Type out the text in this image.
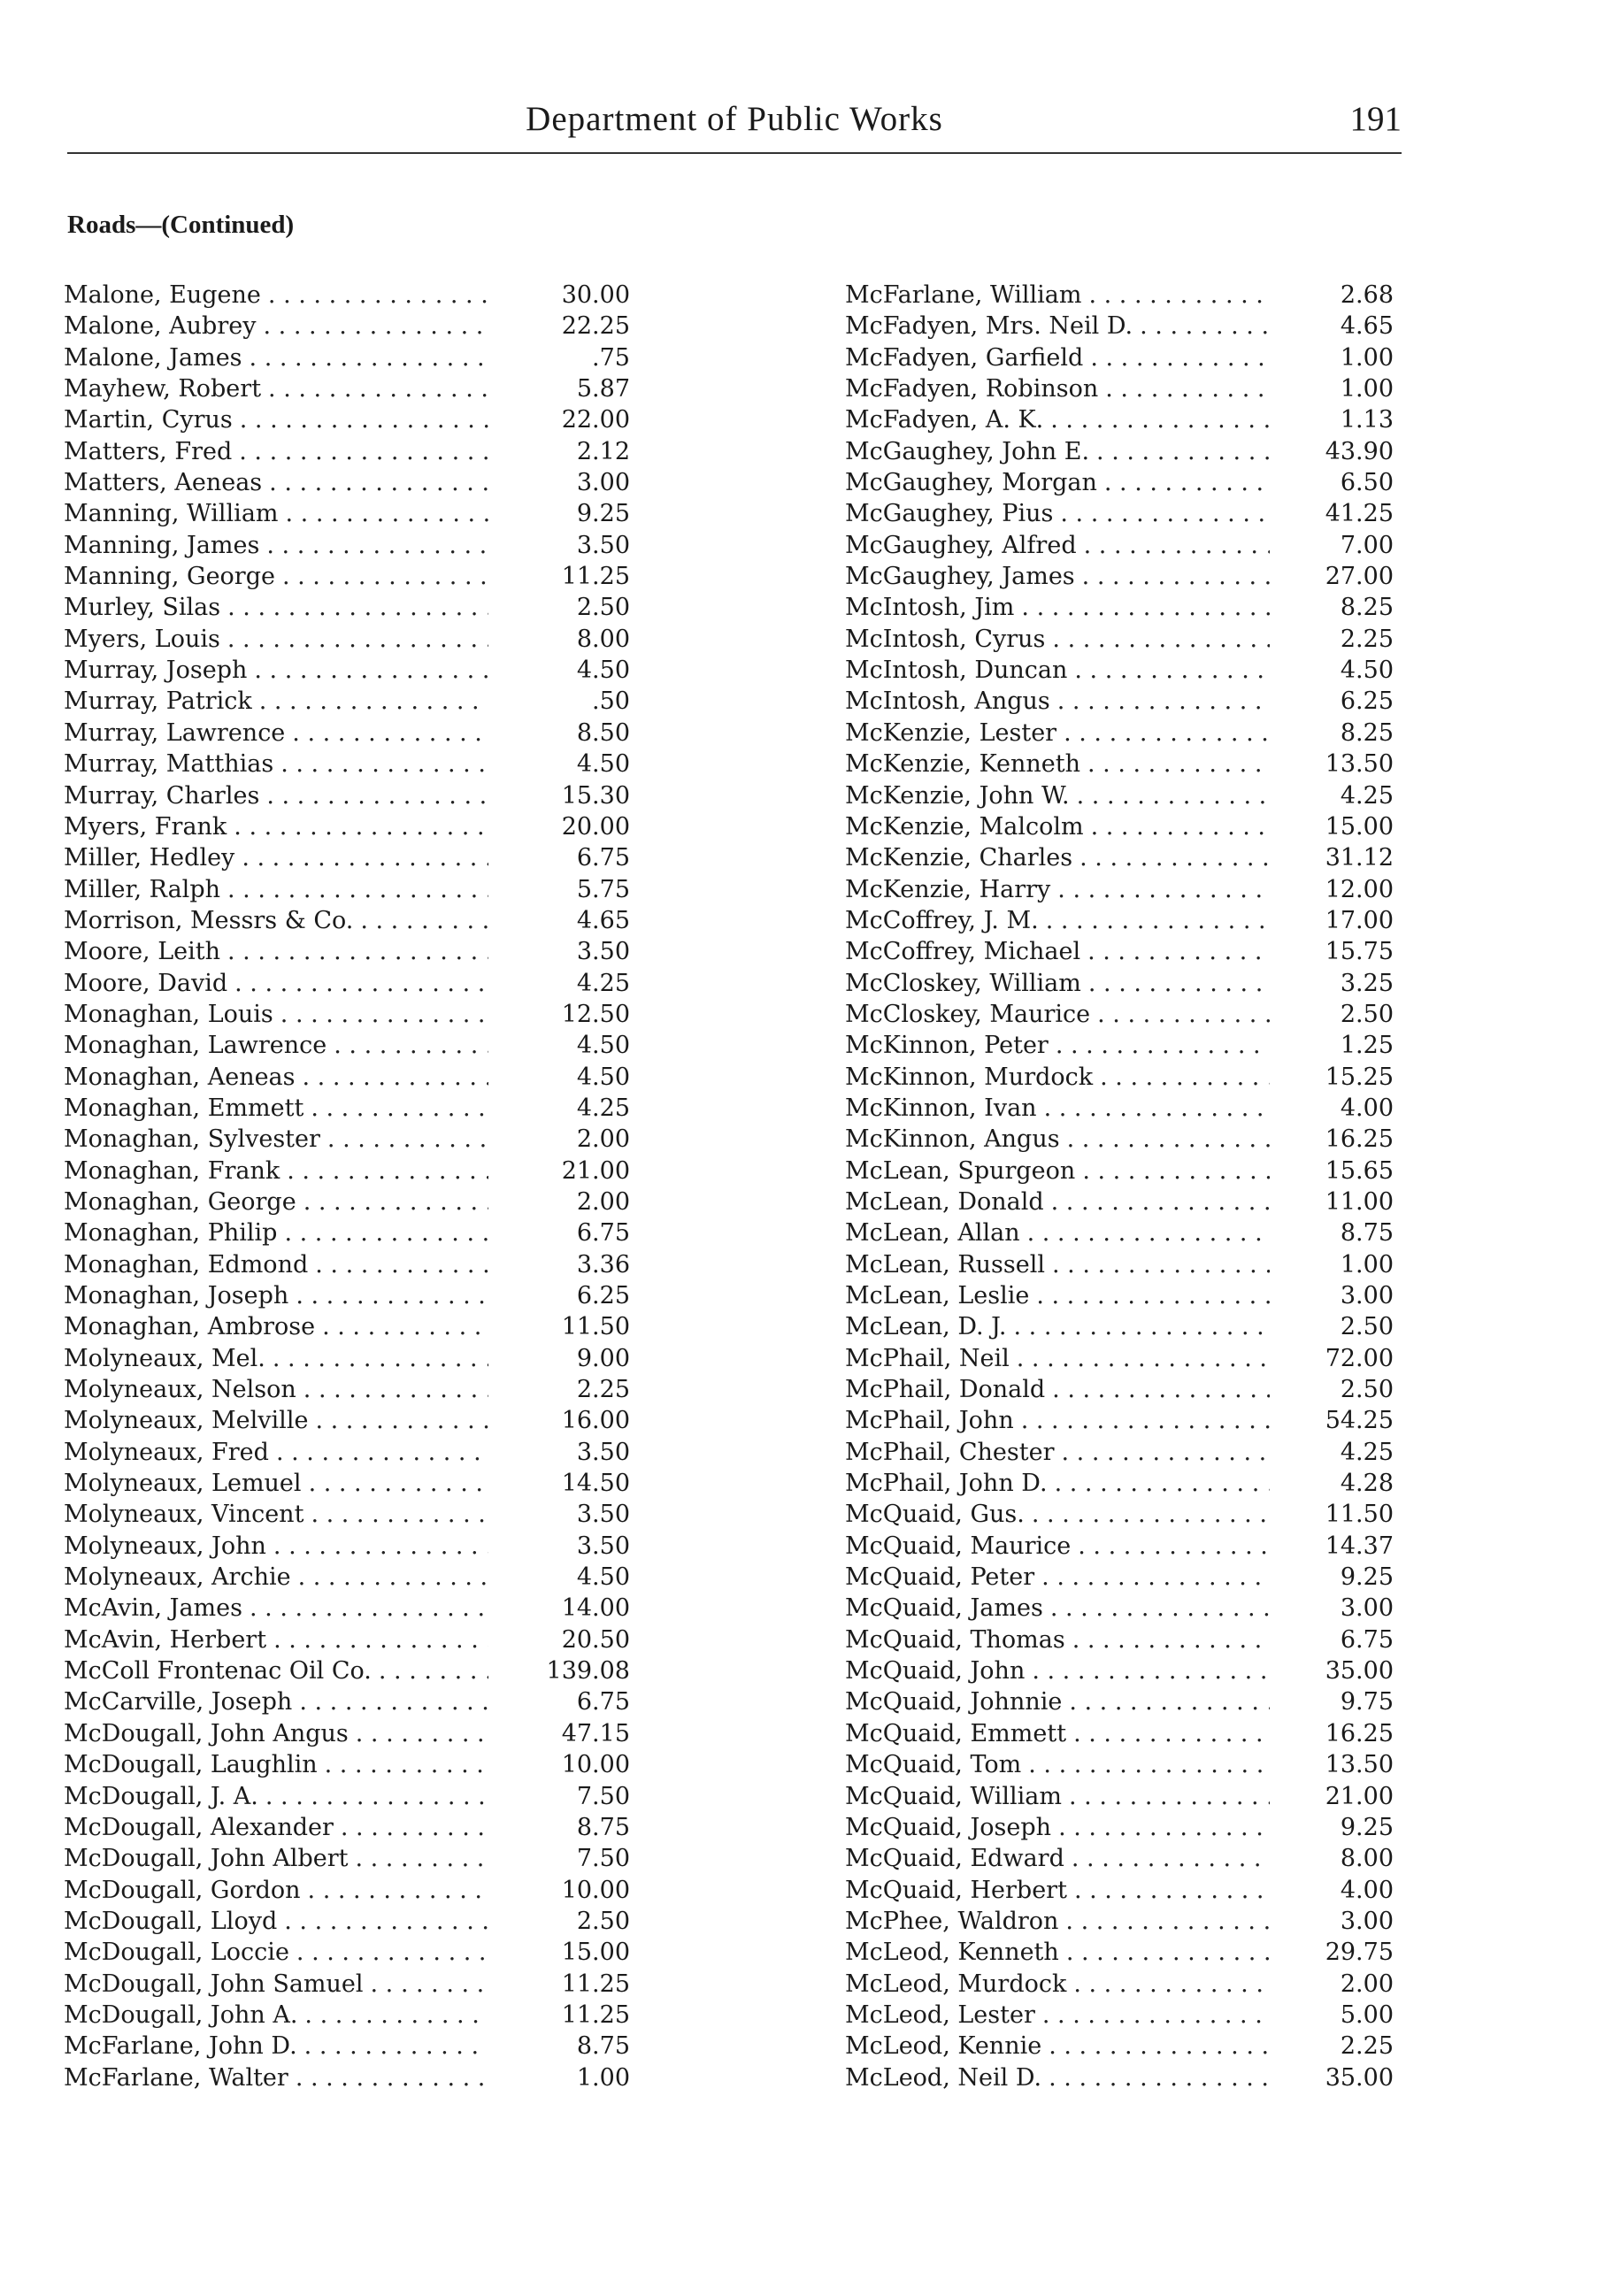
Department of Public Works	191
Roads—(Continued)
Malone, Eugene . . .	30.00
Malone, Aubrey . . .	22.25
Malone, James . . .	.75
Mayhew, Robert . . .	5.87
Martin, Cyrus . . .	22.00
Matters, Fred . . .	2.12
Matters, Aeneas . . .	3.00
Manning, William . . .	9.25
Manning, James . . .	3.50
Manning, George . . .	11.25
Murley, Silas . . .	2.50
Myers, Louis . . .	8.00
Murray, Joseph . . .	4.50
Murray, Patrick . . .	.50
Murray, Lawrence . . .	8.50
Murray, Matthias . . .	4.50
Murray, Charles . . .	15.30
Myers, Frank . . .	20.00
Miller, Hedley . . .	6.75
Miller, Ralph . . .	5.75
Morrison, Messrs & Co. . . .	4.65
Moore, Leith . . .	3.50
Moore, David . . .	4.25
Monaghan, Louis . . .	12.50
Monaghan, Lawrence . . .	4.50
Monaghan, Aeneas . . .	4.50
Monaghan, Emmett . . .	4.25
Monaghan, Sylvester . . .	2.00
Monaghan, Frank . . .	21.00
Monaghan, George . . .	2.00
Monaghan, Philip . . .	6.75
Monaghan, Edmond . . .	3.36
Monaghan, Joseph . . .	6.25
Monaghan, Ambrose . . .	11.50
Molyneaux, Mel. . . .	9.00
Molyneaux, Nelson . . .	2.25
Molyneaux, Melville . . .	16.00
Molyneaux, Fred . . .	3.50
Molyneaux, Lemuel . . .	14.50
Molyneaux, Vincent . . .	3.50
Molyneaux, John . . .	3.50
Molyneaux, Archie . . .	4.50
McAvin, James . . .	14.00
McAvin, Herbert . . .	20.50
McColl Frontenac Oil Co. . . .	139.08
McCarville, Joseph . . .	6.75
McDougall, John Angus . . .	47.15
McDougall, Laughlin . . .	10.00
McDougall, J. A. . . .	7.50
McDougall, Alexander . . .	8.75
McDougall, John Albert . . .	7.50
McDougall, Gordon . . .	10.00
McDougall, Lloyd . . .	2.50
McDougall, Loccie . . .	15.00
McDougall, John Samuel . . .	11.25
McDougall, John A. . . .	11.25
McFarlane, John D. . . .	8.75
McFarlane, Walter . . .	1.00
McFarlane, William . . .	2.68
McFadyen, Mrs. Neil D. . . .	4.65
McFadyen, Garfield . . .	1.00
McFadyen, Robinson . . .	1.00
McFadyen, A. K. . . .	1.13
McGaughey, John E. . . .	43.90
McGaughey, Morgan . . .	6.50
McGaughey, Pius . . .	41.25
McGaughey, Alfred . . .	7.00
McGaughey, James . . .	27.00
McIntosh, Jim . . .	8.25
McIntosh, Cyrus . . .	2.25
McIntosh, Duncan . . .	4.50
McIntosh, Angus . . .	6.25
McKenzie, Lester . . .	8.25
McKenzie, Kenneth . . .	13.50
McKenzie, John W. . . .	4.25
McKenzie, Malcolm . . .	15.00
McKenzie, Charles . . .	31.12
McKenzie, Harry . . .	12.00
McCoffrey, J. M. . . .	17.00
McCoffrey, Michael . . .	15.75
McCloskey, William . . .	3.25
McCloskey, Maurice . . .	2.50
McKinnon, Peter . . .	1.25
McKinnon, Murdock . . .	15.25
McKinnon, Ivan . . .	4.00
McKinnon, Angus . . .	16.25
McLean, Spurgeon . . .	15.65
McLean, Donald . . .	11.00
McLean, Allan . . .	8.75
McLean, Russell . . .	1.00
McLean, Leslie . . .	3.00
McLean, D. J. . . .	2.50
McPhail, Neil . . .	72.00
McPhail, Donald . . .	2.50
McPhail, John . . .	54.25
McPhail, Chester . . .	4.25
McPhail, John D. . . .	4.28
McQuaid, Gus. . . .	11.50
McQuaid, Maurice . . .	14.37
McQuaid, Peter . . .	9.25
McQuaid, James . . .	3.00
McQuaid, Thomas . . .	6.75
McQuaid, John . . .	35.00
McQuaid, Johnnie . . .	9.75
McQuaid, Emmett . . .	16.25
McQuaid, Tom . . .	13.50
McQuaid, William . . .	21.00
McQuaid, Joseph . . .	9.25
McQuaid, Edward . . .	8.00
McQuaid, Herbert . . .	4.00
McPhee, Waldron . . .	3.00
McLeod, Kenneth . . .	29.75
McLeod, Murdock . . .	2.00
McLeod, Lester . . .	5.00
McLeod, Kennie . . .	2.25
McLeod, Neil D. . . .	35.00
